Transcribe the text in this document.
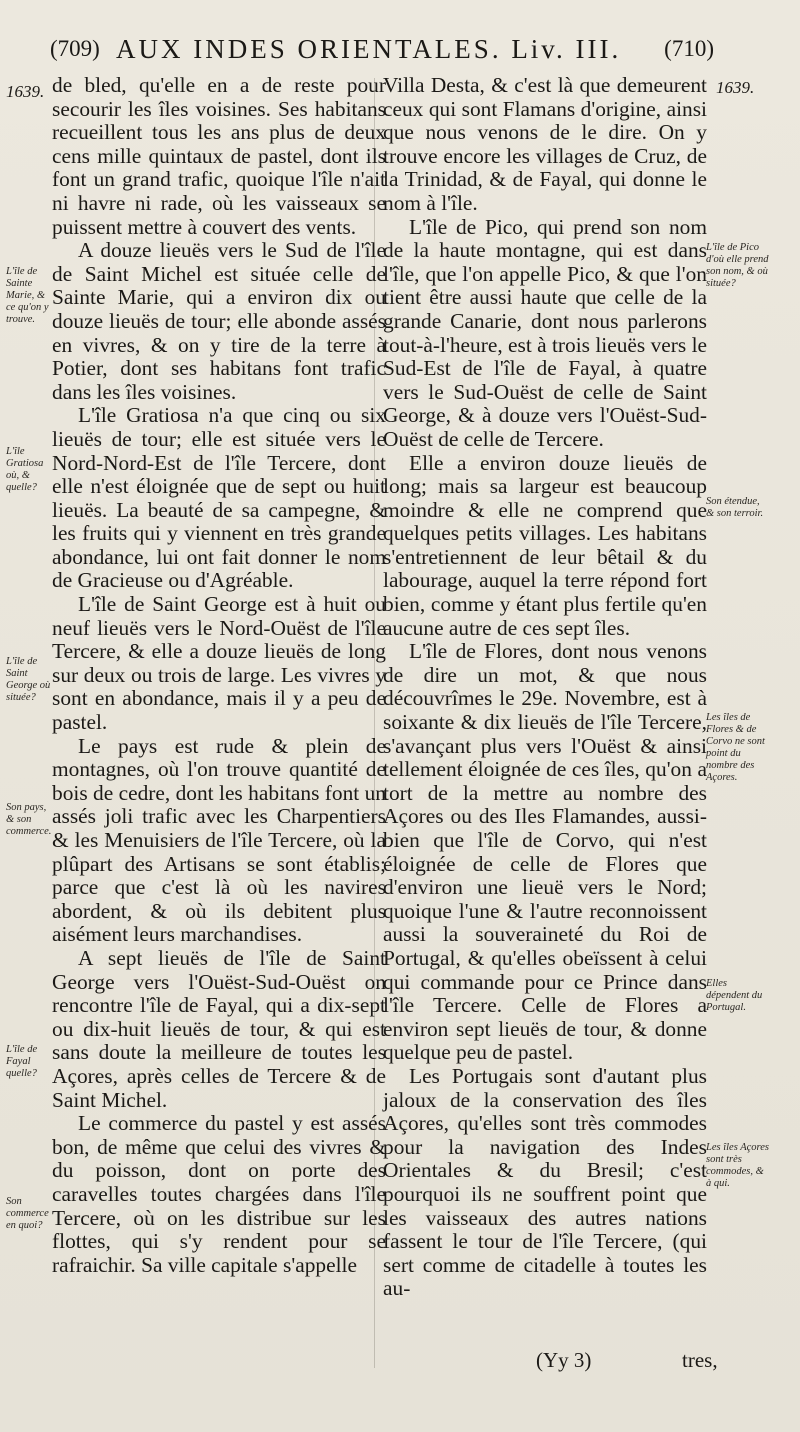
(709) AUX INDES ORIENTALES. Liv. III. (710)
1639.	1639.

de bled, qu'elle en a de reste pour secourir les îles voisines. Ses habitans recueillent tous les ans plus de deux cens mille quintaux de pastel, dont ils font un grand trafic, quoique l'île n'ait ni havre ni rade, où les vaisseaux se puissent mettre à couvert des vents.

A douze lieuës vers le Sud de l'île de Saint Michel est située celle de Sainte Marie, qui a environ dix ou douze lieuës de tour; elle abonde assés en vivres, & on y tire de la terre à Potier, dont ses habitans font trafic dans les îles voisines.

L'île Gratiosa n'a que cinq ou six lieuës de tour; elle est située vers le Nord-Nord-Est de l'île Tercere, dont elle n'est éloignée que de sept ou huit lieuës. La beauté de sa campegne, & les fruits qui y viennent en très grande abondance, lui ont fait donner le nom de Gracieuse ou d'Agréable.

L'île de Saint George est à huit ou neuf lieuës vers le Nord-Ouëst de l'île Tercere, & elle a douze lieuës de long sur deux ou trois de large. Les vivres y sont en abondance, mais il y a peu de pastel.

Le pays est rude & plein de montagnes, où l'on trouve quantité de bois de cedre, dont les habitans font un assés joli trafic avec les Charpentiers & les Menuisiers de l'île Tercere, où la plûpart des Artisans se sont établis; parce que c'est là où les navires abordent, & où ils debitent plus aisément leurs marchandises.

A sept lieuës de l'île de Saint George vers l'Ouëst-Sud-Ouëst on rencontre l'île de Fayal, qui a dix-sept ou dix-huit lieuës de tour, & qui est sans doute la meilleure de toutes les Açores, après celles de Tercere & de Saint Michel.

Le commerce du pastel y est assés bon, de même que celui des vivres & du poisson, dont on porte des caravelles toutes chargées dans l'île Tercere, où on les distribue sur les flottes, qui s'y rendent pour se rafraichir. Sa ville capitale s'appelle

Villa Desta, & c'est là que demeurent ceux qui sont Flamans d'origine, ainsi que nous venons de le dire. On y trouve encore les villages de Cruz, de la Trinidad, & de Fayal, qui donne le nom à l'île.

L'île de Pico, qui prend son nom de la haute montagne, qui est dans l'île, que l'on appelle Pico, & que l'on tient être aussi haute que celle de la grande Canarie, dont nous parlerons tout-à-l'heure, est à trois lieuës vers le Sud-Est de l'île de Fayal, à quatre vers le Sud-Ouëst de celle de Saint George, & à douze vers l'Ouëst-Sud-Ouëst de celle de Tercere.

Elle a environ douze lieuës de long; mais sa largeur est beaucoup moindre & elle ne comprend que quelques petits villages. Les habitans s'entretiennent de leur bêtail & du labourage, auquel la terre répond fort bien, comme y étant plus fertile qu'en aucune autre de ces sept îles.

L'île de Flores, dont nous venons de dire un mot, & que nous découvrîmes le 29e. Novembre, est à soixante & dix lieuës de l'île Tercere, s'avançant plus vers l'Ouëst & ainsi tellement éloignée de ces îles, qu'on a tort de la mettre au nombre des Açores ou des Iles Flamandes, aussi-bien que l'île de Corvo, qui n'est éloignée de celle de Flores que d'environ une lieuë vers le Nord; quoique l'une & l'autre reconnoissent aussi la souveraineté du Roi de Portugal, & qu'elles obeïssent à celui qui commande pour ce Prince dans l'île Tercere. Celle de Flores a environ sept lieuës de tour, & donne quelque peu de pastel.

Les Portugais sont d'autant plus jaloux de la conservation des îles Açores, qu'elles sont très commodes pour la navigation des Indes Orientales & du Bresil; c'est pourquoi ils ne souffrent point que les vaisseaux des autres nations fassent le tour de l'île Tercere, (qui sert comme de citadelle à toutes les au-

L'île de Sainte Marie, & ce qu'on y trouve.
L'île Gratiosa où, & quelle?
L'île de Saint George où située?
Son pays, & son commerce.
L'île de Fayal quelle?
Son commerce en quoi?
L'île de Pico d'où elle prend son nom, & où située?
Son étendue, & son terroir.
Les îles de Flores & de Corvo ne sont point du nombre des Açores.
Elles dépendent du Portugal.
Les îles Açores sont très commodes, & à qui.
(Yy 3)	tres,
